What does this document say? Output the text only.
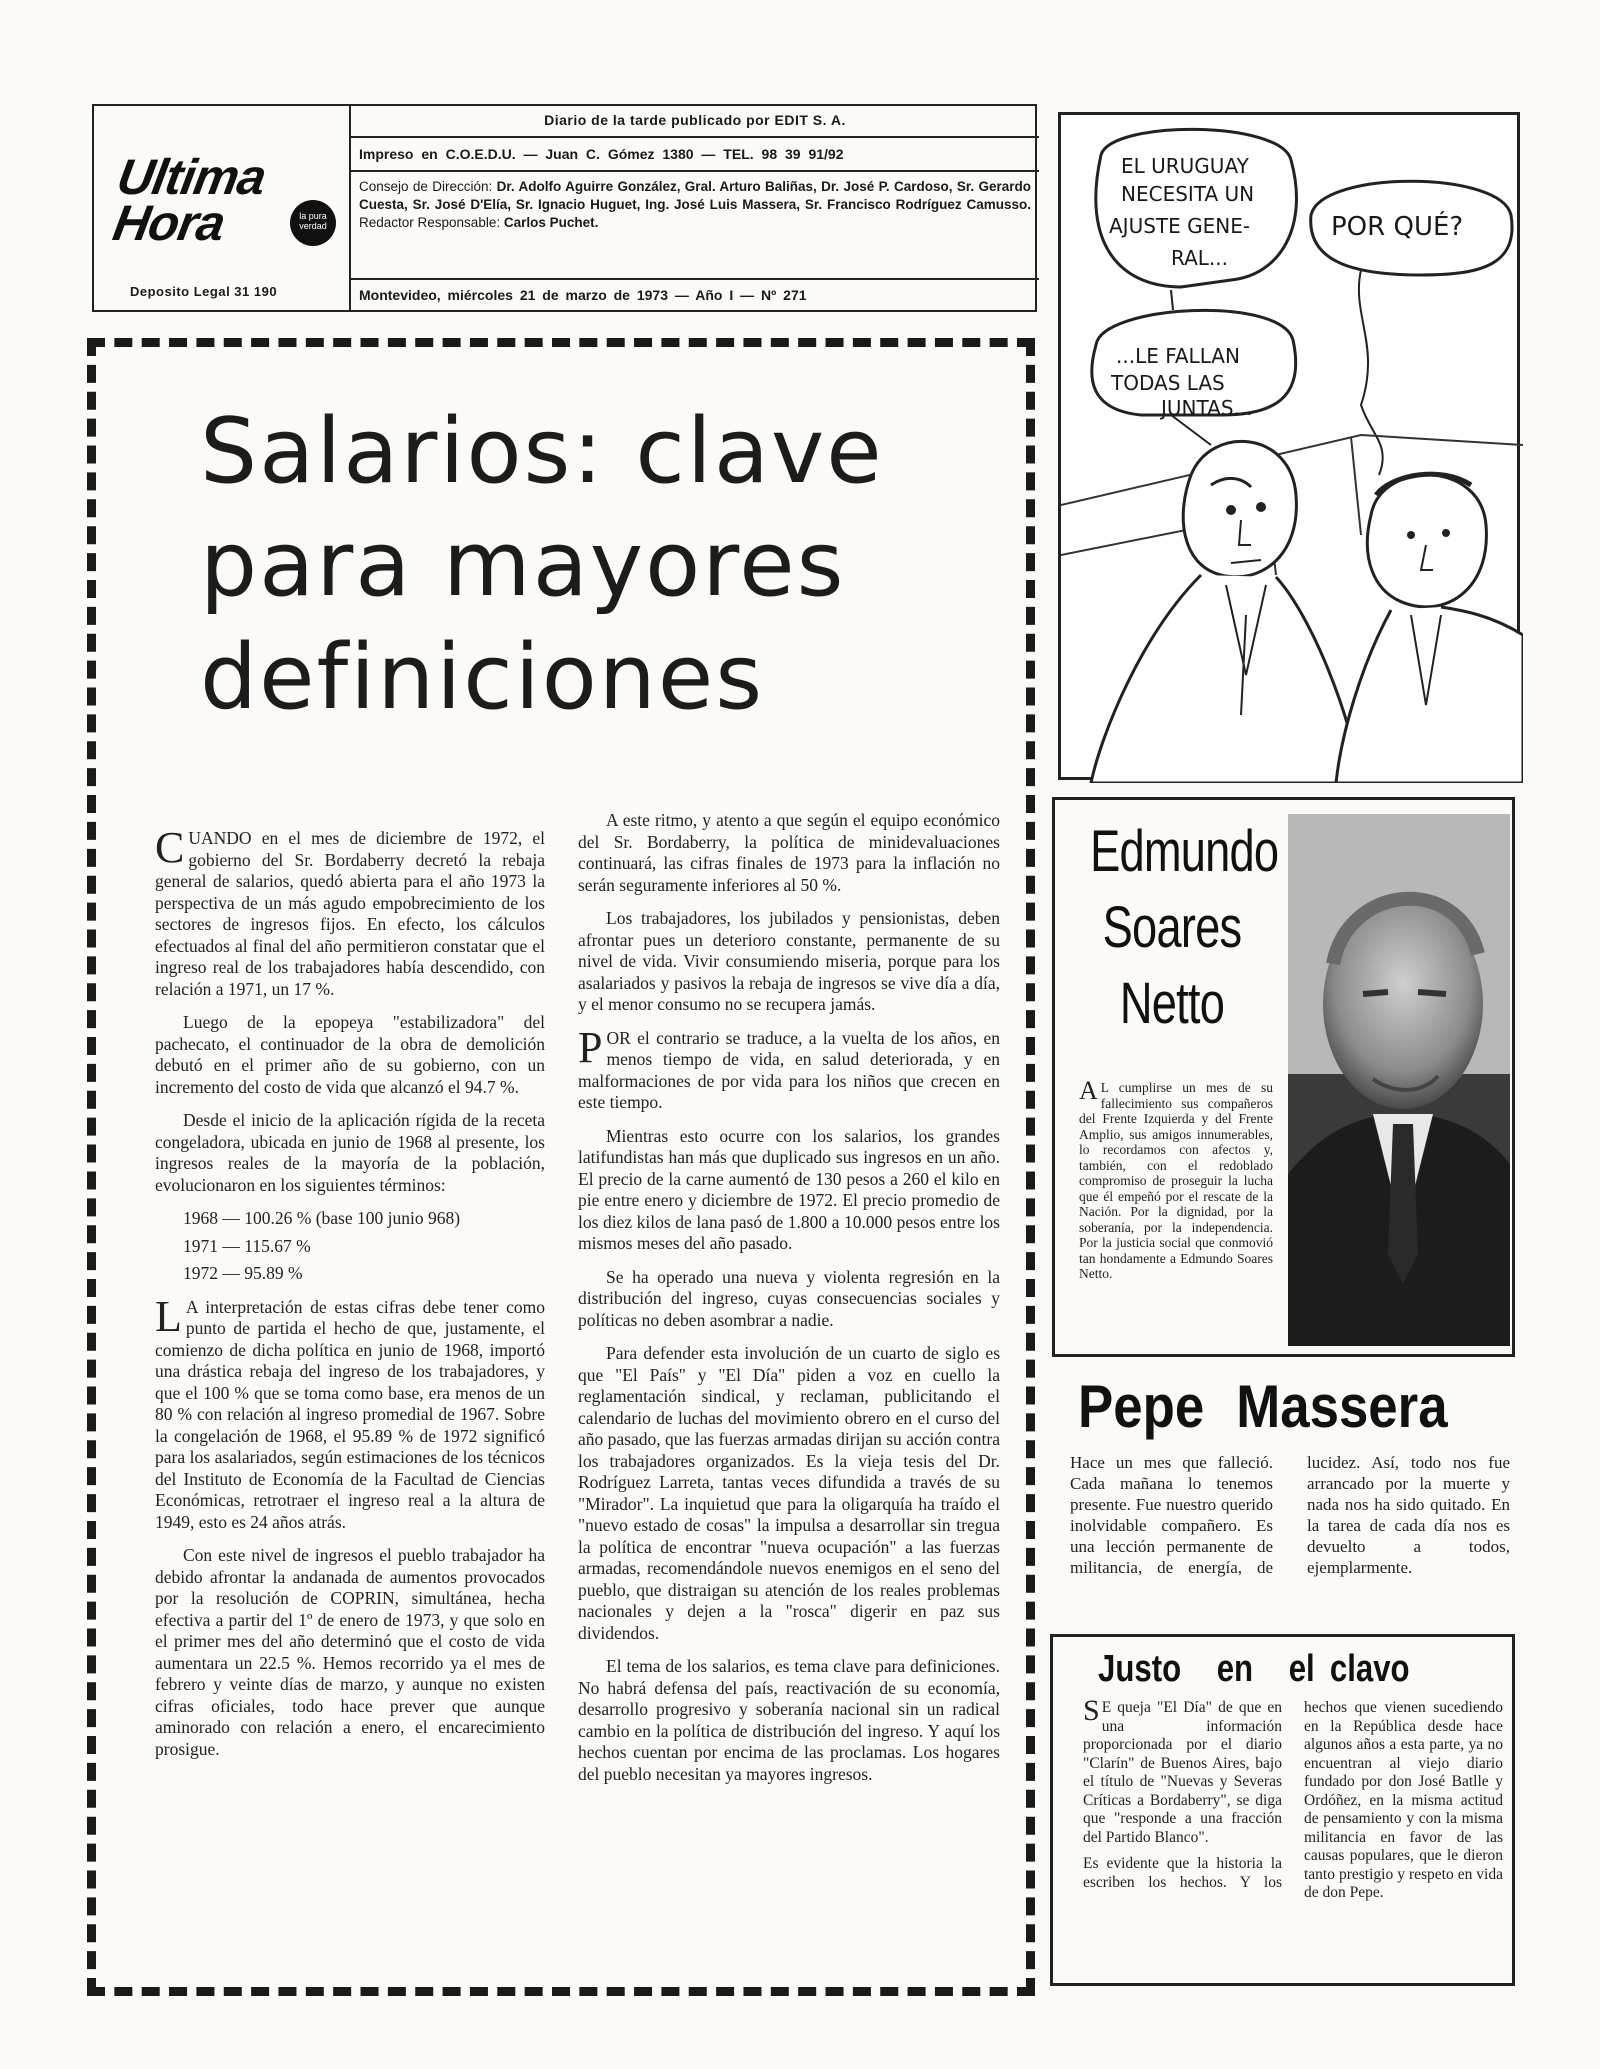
Ultima
Hora	la pura verdad
Deposito Legal 31 190
Diario de la tarde publicado por EDIT S. A.
Impreso en C.O.E.D.U. — Juan C. Gómez 1380 — TEL. 98 39 91/92
Consejo de Dirección: Dr. Adolfo Aguirre González, Gral. Arturo Baliñas, Dr. José P. Cardoso, Sr. Gerardo Cuesta, Sr. José D'Elía, Sr. Ignacio Huguet, Ing. José Luis Massera, Sr. Francisco Rodríguez Camusso. Redactor Responsable: Carlos Puchet.
Montevideo, miércoles 21 de marzo de 1973 — Año I — Nº 271
Salarios: clave
para mayores
definiciones

CUANDO en el mes de diciembre de 1972, el gobierno del Sr. Bordaberry decretó la rebaja general de salarios, quedó abierta para el año 1973 la perspectiva de un más agudo empobrecimiento de los sectores de ingresos fijos. En efecto, los cálculos efectuados al final del año permitieron constatar que el ingreso real de los trabajadores había descendido, con relación a 1971, un 17 %.

Luego de la epopeya "estabilizadora" del pachecato, el continuador de la obra de demolición debutó en el primer año de su gobierno, con un incremento del costo de vida que alcanzó el 94.7 %.

Desde el inicio de la aplicación rígida de la receta congeladora, ubicada en junio de 1968 al presente, los ingresos reales de la mayoría de la población, evolucionaron en los siguientes términos:

1968 — 100.26 % (base 100 junio 968)
1971 — 115.67 %
1972 — 95.89 %

L A interpretación de estas cifras debe tener como punto de partida el hecho de que, justamente, el comienzo de dicha política en junio de 1968, importó una drástica rebaja del ingreso de los trabajadores, y que el 100 % que se toma como base, era menos de un 80 % con relación al ingreso promedial de 1967. Sobre la congelación de 1968, el 95.89 % de 1972 significó para los asalariados, según estimaciones de los técnicos del Instituto de Economía de la Facultad de Ciencias Económicas, retrotraer el ingreso real a la altura de 1949, esto es 24 años atrás.

Con este nivel de ingresos el pueblo trabajador ha debido afrontar la andanada de aumentos provocados por la resolución de COPRIN, simultánea, hecha efectiva a partir del 1º de enero de 1973, y que solo en el primer mes del año determinó que el costo de vida aumentara un 22.5 %. Hemos recorrido ya el mes de febrero y veinte días de marzo, y aunque no existen cifras oficiales, todo hace prever que aunque aminorado con relación a enero, el encarecimiento prosigue.

A este ritmo, y atento a que según el equipo económico del Sr. Bordaberry, la política de minidevaluaciones continuará, las cifras finales de 1973 para la inflación no serán seguramente inferiores al 50 %.

Los trabajadores, los jubilados y pensionistas, deben afrontar pues un deterioro constante, permanente de su nivel de vida. Vivir consumiendo miseria, porque para los asalariados y pasivos la rebaja de ingresos se vive día a día, y el menor consumo no se recupera jamás.

POR el contrario se traduce, a la vuelta de los años, en menos tiempo de vida, en salud deteriorada, y en malformaciones de por vida para los niños que crecen en este tiempo.

Mientras esto ocurre con los salarios, los grandes latifundistas han más que duplicado sus ingresos en un año. El precio de la carne aumentó de 130 pesos a 260 el kilo en pie entre enero y diciembre de 1972. El precio promedio de los diez kilos de lana pasó de 1.800 a 10.000 pesos entre los mismos meses del año pasado.

Se ha operado una nueva y violenta regresión en la distribución del ingreso, cuyas consecuencias sociales y políticas no deben asombrar a nadie.

Para defender esta involución de un cuarto de siglo es que "El País" y "El Día" piden a voz en cuello la reglamentación sindical, y reclaman, publicitando el calendario de luchas del movimiento obrero en el curso del año pasado, que las fuerzas armadas dirijan su acción contra los trabajadores organizados. Es la vieja tesis del Dr. Rodríguez Larreta, tantas veces difundida a través de su "Mirador". La inquietud que para la oligarquía ha traído el "nuevo estado de cosas" la impulsa a desarrollar sin tregua la política de encontrar "nueva ocupación" a las fuerzas armadas, recomendándole nuevos enemigos en el seno del pueblo, que distraigan su atención de los reales problemas nacionales y dejen a la "rosca" digerir en paz sus dividendos.

El tema de los salarios, es tema clave para definiciones. No habrá defensa del país, reactivación de su economía, desarrollo progresivo y soberanía nacional sin un radical cambio en la política de distribución del ingreso. Y aquí los hechos cuentan por encima de las proclamas. Los hogares del pueblo necesitan ya mayores ingresos.

EL URUGUAY
NECESITA UN
AJUSTE GENE-
RAL...
POR QUÉ?
...LE FALLAN
TODAS LAS
JUNTAS...
Edmundo
Soares
Netto
A L cumplirse un mes de su fallecimiento sus compañeros del Frente Izquierda y del Frente Amplio, sus amigos innumerables, lo recordamos con afectos y, también, con el redoblado compromiso de proseguir la lucha que él empeñó por el rescate de la Nación. Por la dignidad, por la soberanía, por la independencia. Por la justicia social que conmovió tan hondamente a Edmundo Soares Netto.
Pepe Massera
Hace un mes que falleció. Cada mañana lo tenemos presente. Fue nuestro querido inolvidable compañero. Es una lección permanente de militancia, de energía, de lucidez. Así, todo nos fue arrancado por la muerte y nada nos ha sido quitado. En la tarea de cada día nos es devuelto a todos, ejemplarmente.
Justo en el clavo

S E queja "El Día" de que en una información proporcionada por el diario "Clarín" de Buenos Aires, bajo el título de "Nuevas y Severas Críticas a Bordaberry", se diga que "responde a una fracción del Partido Blanco".

Es evidente que la historia la escriben los hechos. Y los hechos que vienen sucediendo en la República desde hace algunos años a esta parte, ya no encuentran al viejo diario fundado por don José Batlle y Ordóñez, en la misma actitud de pensamiento y con la misma militancia en favor de las causas populares, que le dieron tanto prestigio y respeto en vida de don Pepe.
